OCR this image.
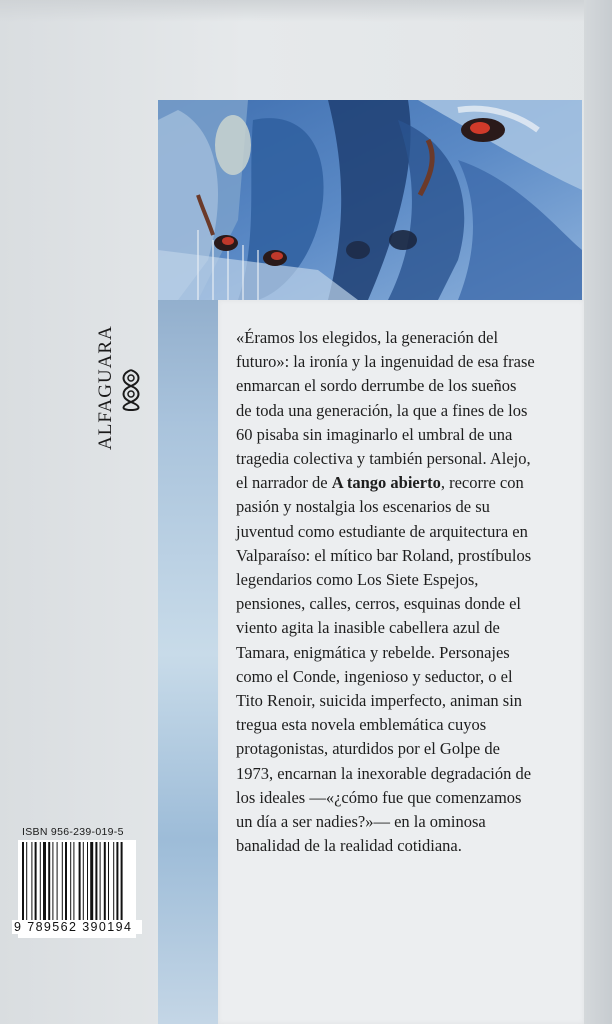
«Éramos los elegidos, la generación del futuro»: la ironía y la ingenuidad de esa frase enmarcan el sordo derrumbe de los sueños de toda una generación, la que a fines de los 60 pisaba sin imaginarlo el umbral de una tragedia colectiva y también personal. Alejo, el narrador de A tango abierto, recorre con pasión y nostalgia los escenarios de su juventud como estudiante de arquitectura en Valparaíso: el mítico bar Roland, prostíbulos legendarios como Los Siete Espejos, pensiones, calles, cerros, esquinas donde el viento agita la inasible cabellera azul de Tamara, enigmática y rebelde. Personajes como el Conde, ingenioso y seductor, o el Tito Renoir, suicida imperfecto, animan sin tregua esta novela emblemática cuyos protagonistas, aturdidos por el Golpe de 1973, encarnan la inexorable degradación de los ideales —«¿cómo fue que comenzamos un día a ser nadies?»— en la ominosa banalidad de la realidad cotidiana.

ALFAGUARA
ISBN 956-239-019-5
9 789562 390194
